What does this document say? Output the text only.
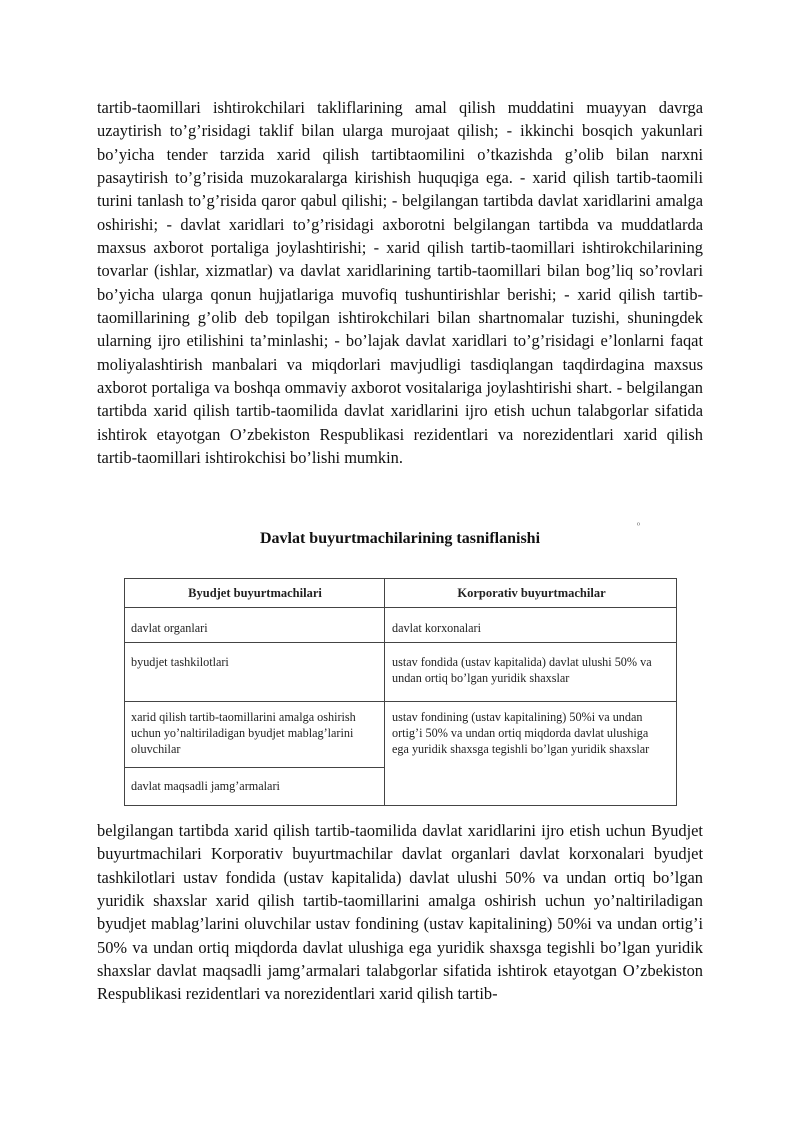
tartib-taomillari ishtirokchilari takliflarining amal qilish muddatini muayyan davrga uzaytirish to’g’risidagi taklif bilan ularga murojaat qilish; - ikkinchi bosqich yakunlari bo’yicha tender tarzida xarid qilish tartibtaomilini o’tkazishda g’olib bilan narxni pasaytirish to’g’risida muzokaralarga kirishish huquqiga ega. - xarid qilish tartib-taomili turini tanlash to’g’risida qaror qabul qilishi; - belgilangan tartibda davlat xaridlarini amalga oshirishi; - davlat xaridlari to’g’risidagi axborotni belgilangan tartibda va muddatlarda maxsus axborot portaliga joylashtirishi; - xarid qilish tartib-taomillari ishtirokchilarining tovarlar (ishlar, xizmatlar) va davlat xaridlarining tartib-taomillari bilan bog’liq so’rovlari bo’yicha ularga qonun hujjatlariga muvofiq tushuntirishlar berishi; - xarid qilish tartib-taomillarining g’olib deb topilgan ishtirokchilari bilan shartnomalar tuzishi, shuningdek ularning ijro etilishini ta’minlashi; - bo’lajak davlat xaridlari to’g’risidagi e’lonlarni faqat moliyalashtirish manbalari va miqdorlari mavjudligi tasdiqlangan taqdirdagina maxsus axborot portaliga va boshqa ommaviy axborot vositalariga joylashtirishi shart. - belgilangan tartibda xarid qilish tartib-taomilida davlat xaridlarini ijro etish uchun talabgorlar sifatida ishtirok etayotgan O’zbekiston Respublikasi rezidentlari va norezidentlari xarid qilish tartib-taomillari ishtirokchisi bo’lishi mumkin.

ᵒ

Davlat buyurtmachilarining tasniflanishi

Byudjet buyurtmachilari	Korporativ buyurtmachilar
davlat organlari
byudjet tashkilotlari
xarid qilish tartib-taomillarini amalga oshirish uchun yo’naltiriladigan byudjet mablag’larini oluvchilar
davlat maqsadli jamg’armalari
davlat korxonalari
ustav fondida (ustav kapitalida) davlat ulushi 50% va undan ortiq bo’lgan yuridik shaxslar
ustav fondining (ustav kapitalining) 50%i va undan ortig’i 50% va undan ortiq miqdorda davlat ulushiga ega yuridik shaxsga tegishli bo’lgan yuridik shaxslar

belgilangan tartibda xarid qilish tartib-taomilida davlat xaridlarini ijro etish uchun Byudjet buyurtmachilari Korporativ buyurtmachilar davlat organlari davlat korxonalari byudjet tashkilotlari ustav fondida (ustav kapitalida) davlat ulushi 50% va undan ortiq bo’lgan yuridik shaxslar xarid qilish tartib-taomillarini amalga oshirish uchun yo’naltiriladigan byudjet mablag’larini oluvchilar ustav fondining (ustav kapitalining) 50%i va undan ortig’i 50% va undan ortiq miqdorda davlat ulushiga ega yuridik shaxsga tegishli bo’lgan yuridik shaxslar davlat maqsadli jamg’armalari talabgorlar sifatida ishtirok etayotgan O’zbekiston Respublikasi rezidentlari va norezidentlari xarid qilish tartib-
